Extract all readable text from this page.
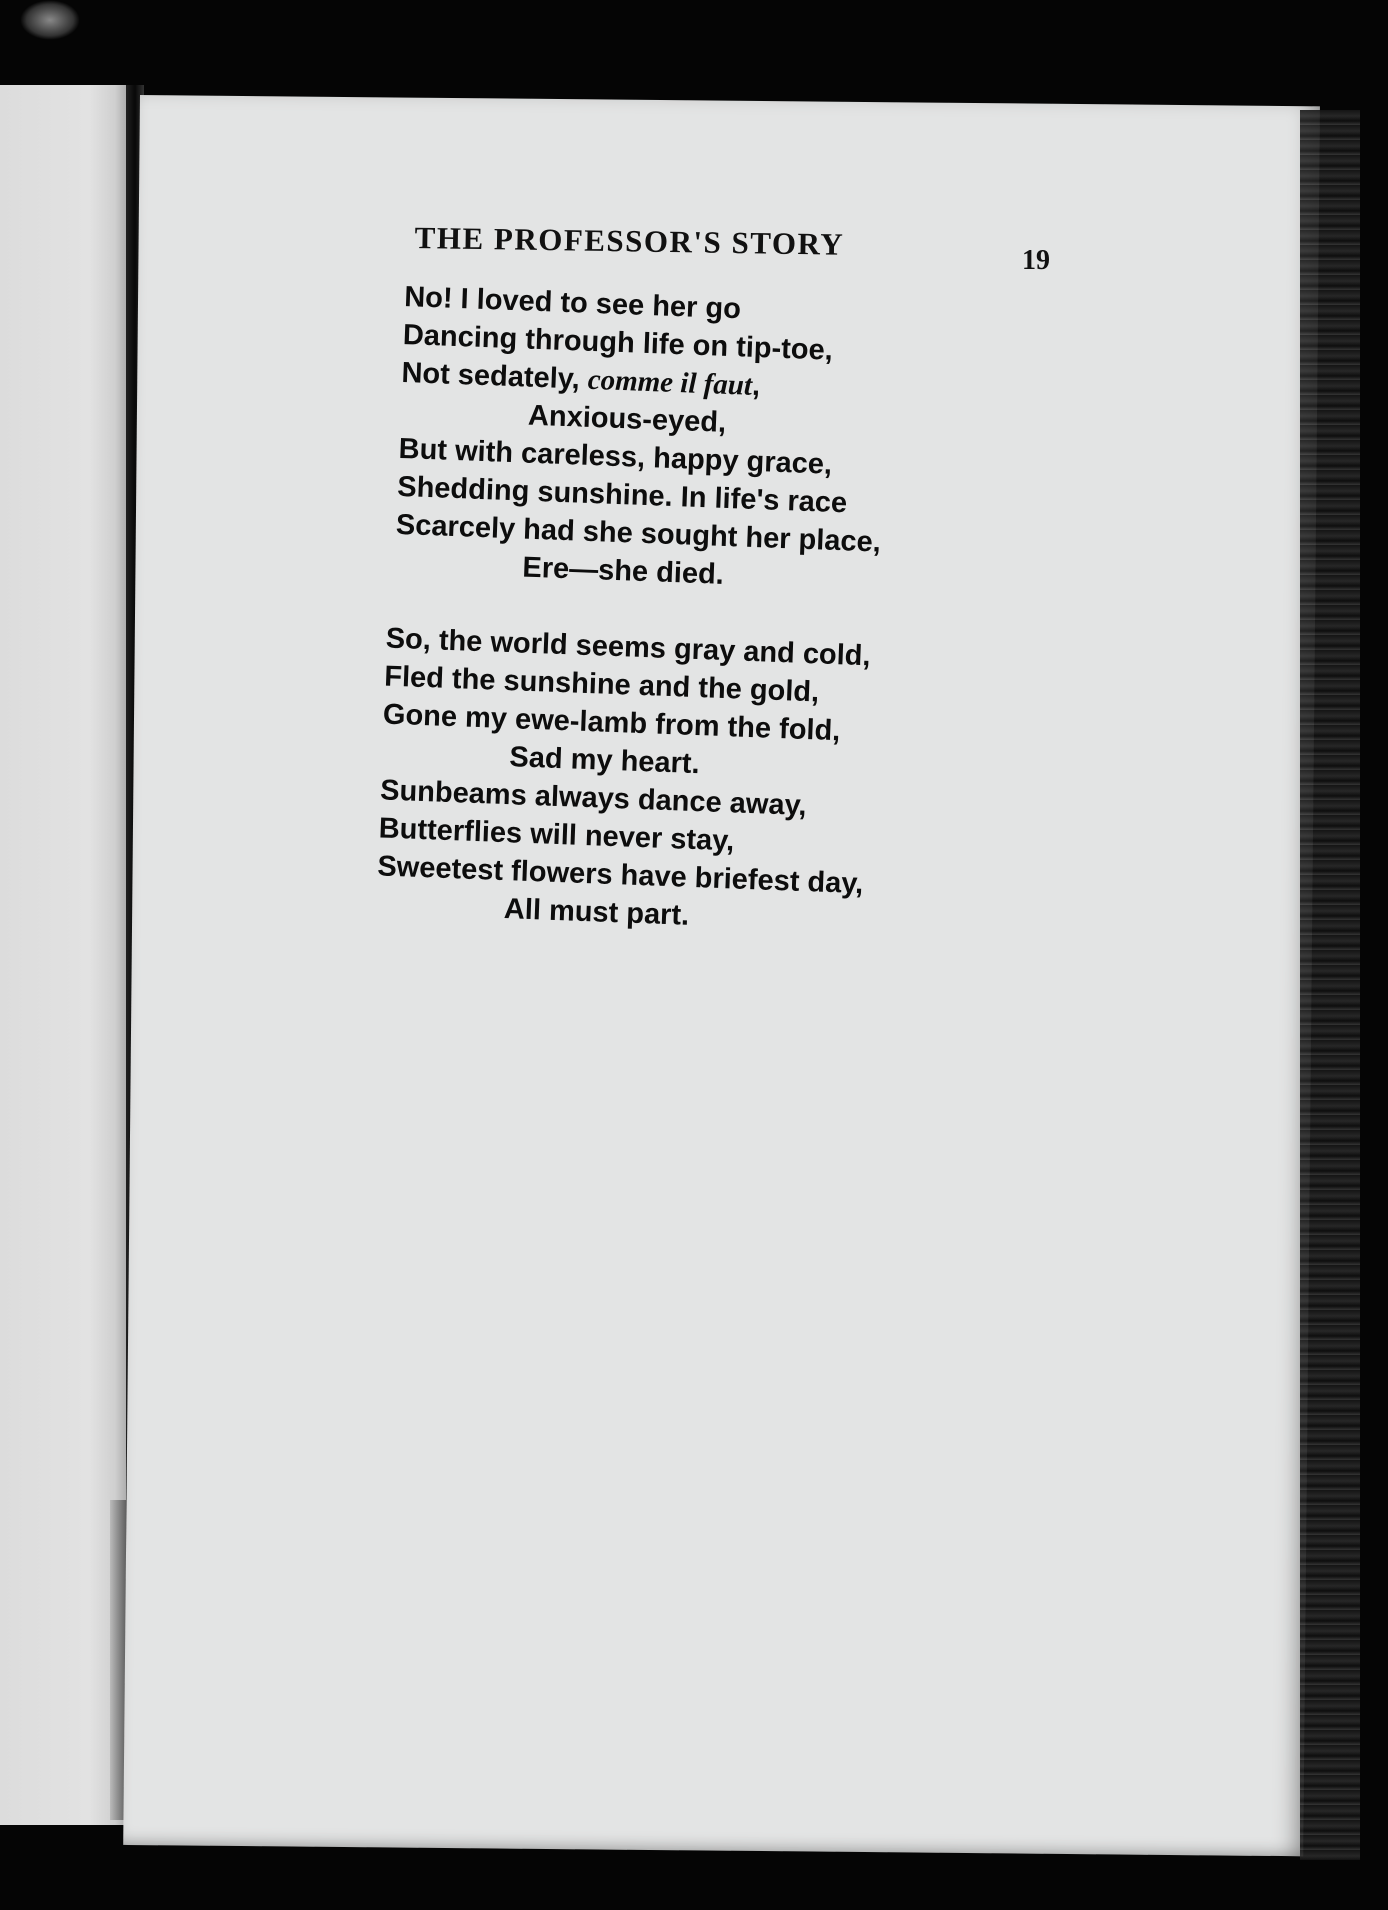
THE PROFESSOR'S STORY	19

No! I loved to see her go
Dancing through life on tip-toe,
Not sedately, comme il faut,
Anxious-eyed,
But with careless, happy grace,
Shedding sunshine. In life's race
Scarcely had she sought her place,
Ere—she died.
So, the world seems gray and cold,
Fled the sunshine and the gold,
Gone my ewe-lamb from the fold,
Sad my heart.
Sunbeams always dance away,
Butterflies will never stay,
Sweetest flowers have briefest day,
All must part.
